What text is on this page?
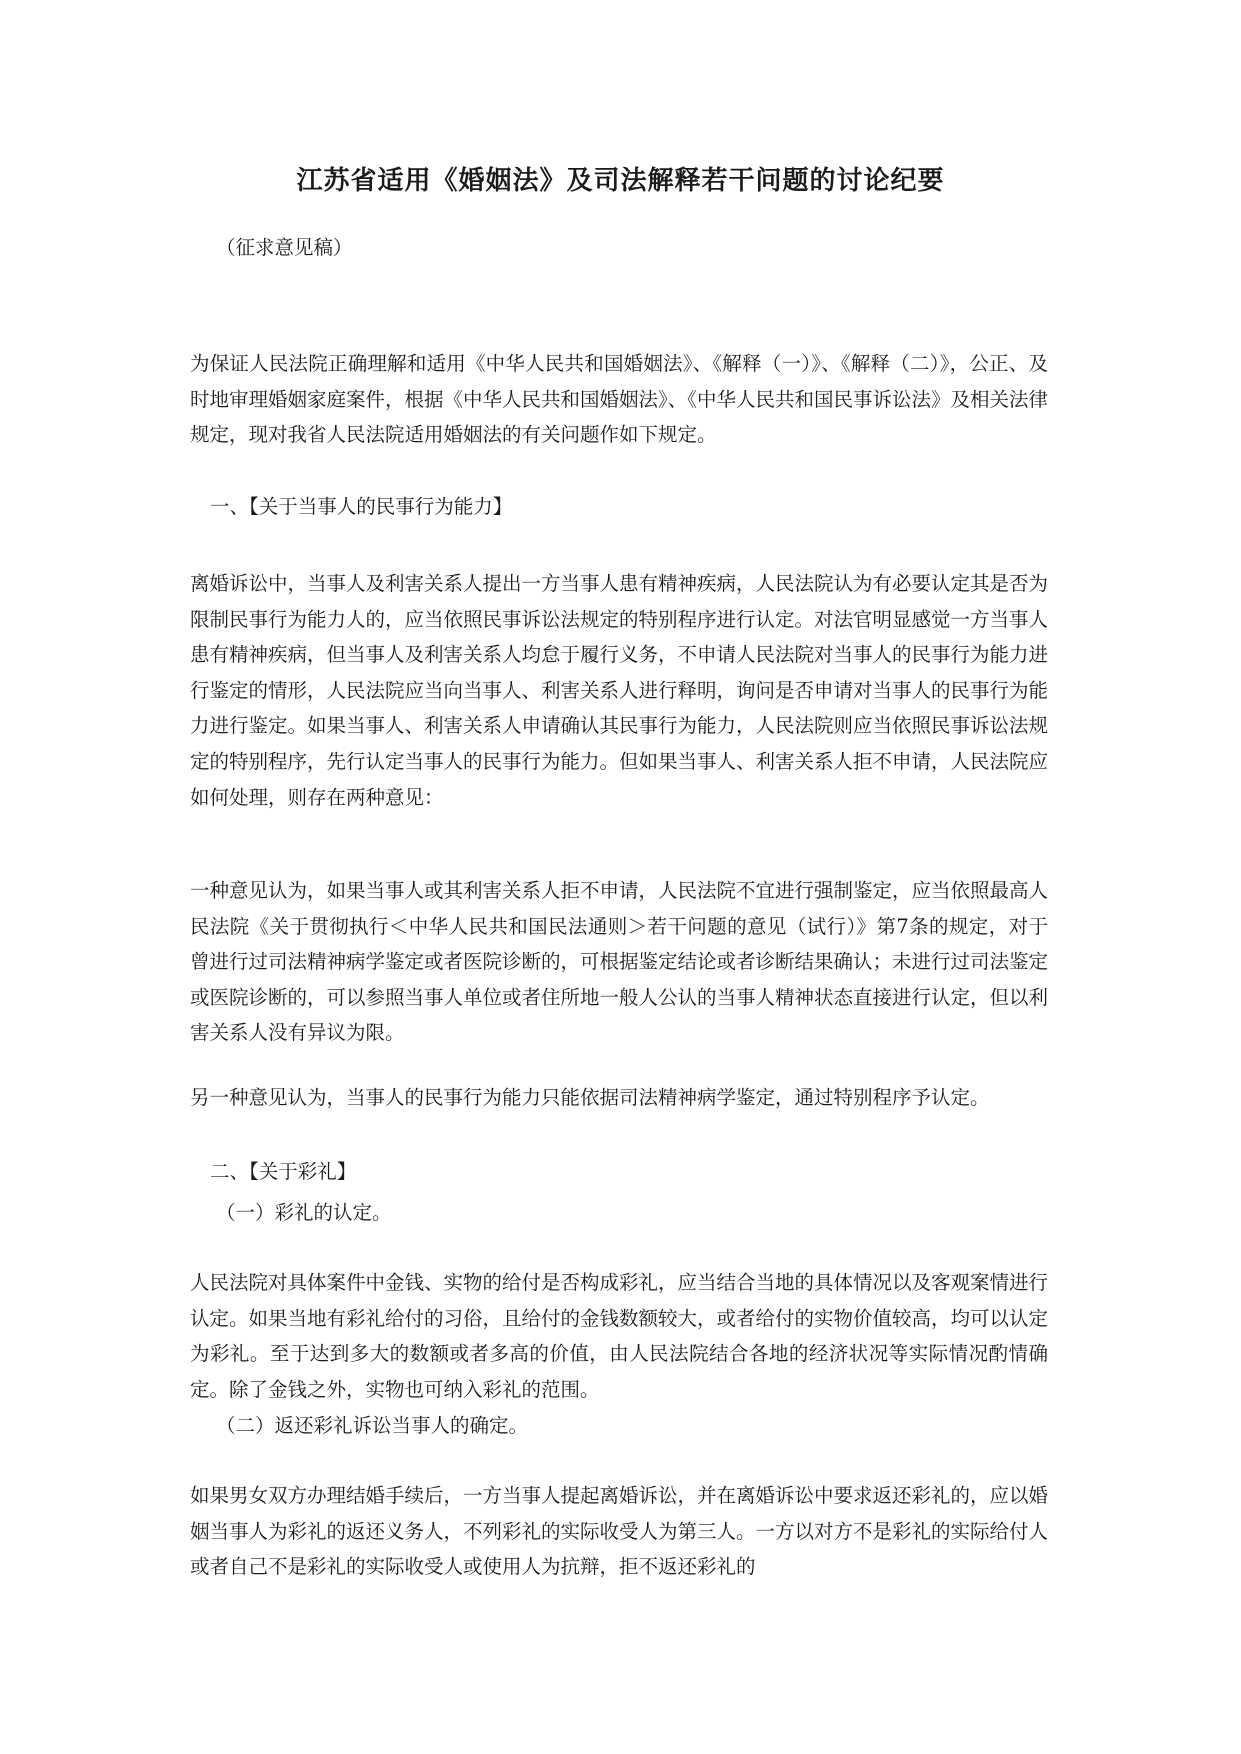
江苏省适用《婚姻法》及司法解释若干问题的讨论纪要
（征求意见稿）

为保证人民法院正确理解和适用《中华人民共和国婚姻法》、《解释（一）》、《解释（二）》，公正、及时地审理婚姻家庭案件，根据《中华人民共和国婚姻法》、《中华人民共和国民事诉讼法》及相关法律规定，现对我省人民法院适用婚姻法的有关问题作如下规定。

一、【关于当事人的民事行为能力】

离婚诉讼中，当事人及利害关系人提出一方当事人患有精神疾病，人民法院认为有必要认定其是否为限制民事行为能力人的，应当依照民事诉讼法规定的特别程序进行认定。对法官明显感觉一方当事人患有精神疾病，但当事人及利害关系人均怠于履行义务，不申请人民法院对当事人的民事行为能力进行鉴定的情形，人民法院应当向当事人、利害关系人进行释明，询问是否申请对当事人的民事行为能力进行鉴定。如果当事人、利害关系人申请确认其民事行为能力，人民法院则应当依照民事诉讼法规定的特别程序，先行认定当事人的民事行为能力。但如果当事人、利害关系人拒不申请，人民法院应如何处理，则存在两种意见：

一种意见认为，如果当事人或其利害关系人拒不申请，人民法院不宜进行强制鉴定，应当依照最高人民法院《关于贯彻执行＜中华人民共和国民法通则＞若干问题的意见（试行）》第7条的规定，对于曾进行过司法精神病学鉴定或者医院诊断的，可根据鉴定结论或者诊断结果确认；未进行过司法鉴定或医院诊断的，可以参照当事人单位或者住所地一般人公认的当事人精神状态直接进行认定，但以利害关系人没有异议为限。

另一种意见认为，当事人的民事行为能力只能依据司法精神病学鉴定，通过特别程序予认定。

二、【关于彩礼】
（一）彩礼的认定。

人民法院对具体案件中金钱、实物的给付是否构成彩礼，应当结合当地的具体情况以及客观案情进行认定。如果当地有彩礼给付的习俗，且给付的金钱数额较大，或者给付的实物价值较高，均可以认定为彩礼。至于达到多大的数额或者多高的价值，由人民法院结合各地的经济状况等实际情况酌情确定。除了金钱之外，实物也可纳入彩礼的范围。

（二）返还彩礼诉讼当事人的确定。

如果男女双方办理结婚手续后，一方当事人提起离婚诉讼，并在离婚诉讼中要求返还彩礼的，应以婚姻当事人为彩礼的返还义务人，不列彩礼的实际收受人为第三人。一方以对方不是彩礼的实际给付人或者自己不是彩礼的实际收受人或使用人为抗辩，拒不返还彩礼的
